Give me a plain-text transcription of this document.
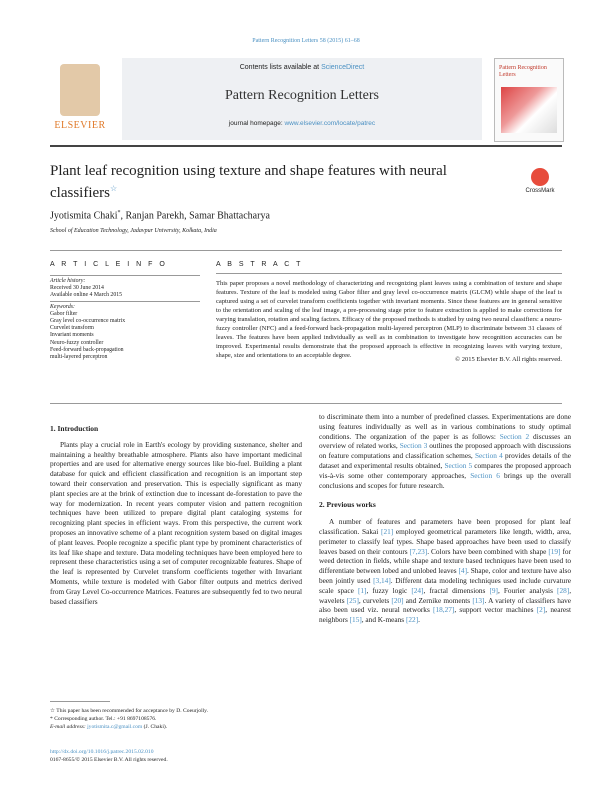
Pattern Recognition Letters 58 (2015) 61–68
ELSEVIER
Contents lists available at ScienceDirect
Pattern Recognition Letters
journal homepage: www.elsevier.com/locate/patrec
Pattern Recognition Letters
Plant leaf recognition using texture and shape features with neural classifiers☆	CrossMark
Jyotismita Chaki*, Ranjan Parekh, Samar Bhattacharya
School of Education Technology, Jadavpur University, Kolkata, India
A R T I C L E I N F O	A B S T R A C T
Article history:
Received 30 June 2014
Available online 4 March 2015
Keywords:
Gabor filter
Gray level co-occurrence matrix
Curvelet transform
Invariant moments
Neuro-fuzzy controller
Feed-forward back-propagation
multi-layered perceptron
This paper proposes a novel methodology of characterizing and recognizing plant leaves using a combination of texture and shape features. Texture of the leaf is modeled using Gabor filter and gray level co-occurrence matrix (GLCM) while shape of the leaf is captured using a set of curvelet transform coefficients together with invariant moments. Since these features are in general sensitive to the orientation and scaling of the leaf image, a pre-processing stage prior to feature extraction is applied to make corrections for varying translation, rotation and scaling factors. Efficacy of the proposed methods is studied by using two neural classifiers: a neuro-fuzzy controller (NFC) and a feed-forward back-propagation multi-layered perceptron (MLP) to discriminate between 31 classes of leaves. The features have been applied individually as well as in combination to investigate how recognition accuracies can be improved. Experimental results demonstrate that the proposed approach is effective in recognizing leaves with varying texture, shape, size and orientations to an acceptable degree.
© 2015 Elsevier B.V. All rights reserved.
1. Introduction

Plants play a crucial role in Earth's ecology by providing sustenance, shelter and maintaining a healthy breathable atmosphere. Plants also have important medicinal properties and are used for alternative energy sources like bio-fuel. Building a plant database for quick and efficient classification and recognition is an important step toward their conservation and preservation. This is especially significant as many plant species are at the brink of extinction due to incessant de-forestation to pave the way for modernization. In recent years computer vision and pattern recognition techniques have been utilized to prepare digital plant cataloging systems for recognizing plant species in efficient ways. From this perspective, the current work proposes an innovative scheme of a plant recognition system based on digital images of plant leaves. People recognize a specific plant type by prominent characteristics of its leaf like shape and texture. Data modeling techniques have been employed here to represent these characteristics using a set of computer recognizable features. Shape of the leaf is represented by Curvelet transform coefficients together with Invariant Moments, while texture is modeled with Gabor filter outputs and metrics derived from Gray Level Co-occurrence Matrices. Features are subsequently fed to two neural based classifiers

to discriminate them into a number of predefined classes. Experimentations are done using features individually as well as in various combinations to study optimal conditions. The organization of the paper is as follows: Section 2 discusses an overview of related works, Section 3 outlines the proposed approach with discussions on feature computations and classification schemes, Section 4 provides details of the dataset and experimental results obtained, Section 5 compares the proposed approach vis-à-vis some other contemporary approaches, Section 6 brings up the overall conclusions and scopes for future research.

2. Previous works

A number of features and parameters have been proposed for plant leaf classification. Sakai [21] employed geometrical parameters like length, width, area, perimeter to classify leaf types. Shape based approaches have been used to classify leaves based on their contours [7,23]. Colors have been combined with shape [19] for weed detection in fields, while shape and texture based techniques have been used to differentiate between lobed and unlobed leaves [4]. Shape, color and texture have also been jointly used [3,14]. Different data modeling techniques used include curvature scale space [1], fuzzy logic [24], fractal dimensions [9], Fourier analysis [28], wavelets [25], curvelets [20] and Zernike moments [13]. A variety of classifiers have also been used viz. neural networks [18,27], support vector machines [2], nearest neighbors [15], and K-means [22].

☆ This paper has been recommended for acceptance by D. Coeurjolly.
* Corresponding author. Tel.: +91 8697108576.
E-mail address: jyotismita.c@gmail.com (J. Chaki).
http://dx.doi.org/10.1016/j.patrec.2015.02.010
0167-8655/© 2015 Elsevier B.V. All rights reserved.
